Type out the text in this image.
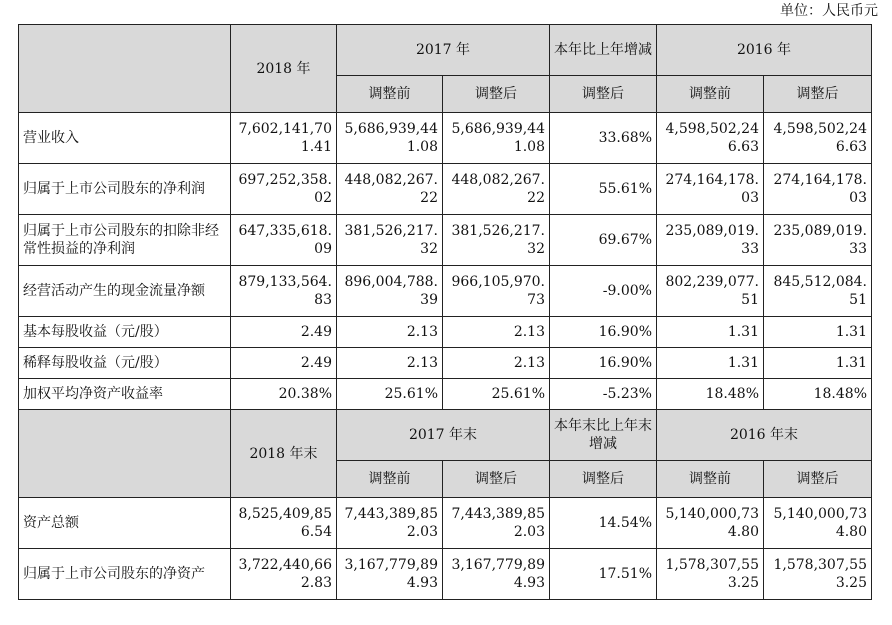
单位：人民币元
	2018 年	2017 年		本年比上年增减	2016 年	
		调整前	调整后	调整后	调整前	调整后
营业收入	7,602,141,701.41	5,686,939,441.08	5,686,939,441.08	33.68%	4,598,502,246.63	4,598,502,246.63
归属于上市公司股东的净利润	697,252,358.02	448,082,267.22	448,082,267.22	55.61%	274,164,178.03	274,164,178.03
归属于上市公司股东的扣除非经常性损益的净利润	647,335,618.09	381,526,217.32	381,526,217.32	69.67%	235,089,019.33	235,089,019.33
经营活动产生的现金流量净额	879,133,564.83	896,004,788.39	966,105,970.73	-9.00%	802,239,077.51	845,512,084.51
基本每股收益（元/股）	2.49	2.13	2.13	16.90%	1.31	1.31
稀释每股收益（元/股）	2.49	2.13	2.13	16.90%	1.31	1.31
加权平均净资产收益率	20.38%	25.61%	25.61%	-5.23%	18.48%	18.48%
	2018 年末	2017 年末		本年末比上年末增减	2016 年末	
		调整前	调整后	调整后	调整前	调整后
资产总额	8,525,409,856.54	7,443,389,852.03	7,443,389,852.03	14.54%	5,140,000,734.80	5,140,000,734.80
归属于上市公司股东的净资产	3,722,440,662.83	3,167,779,894.93	3,167,779,894.93	17.51%	1,578,307,553.25	1,578,307,553.25
